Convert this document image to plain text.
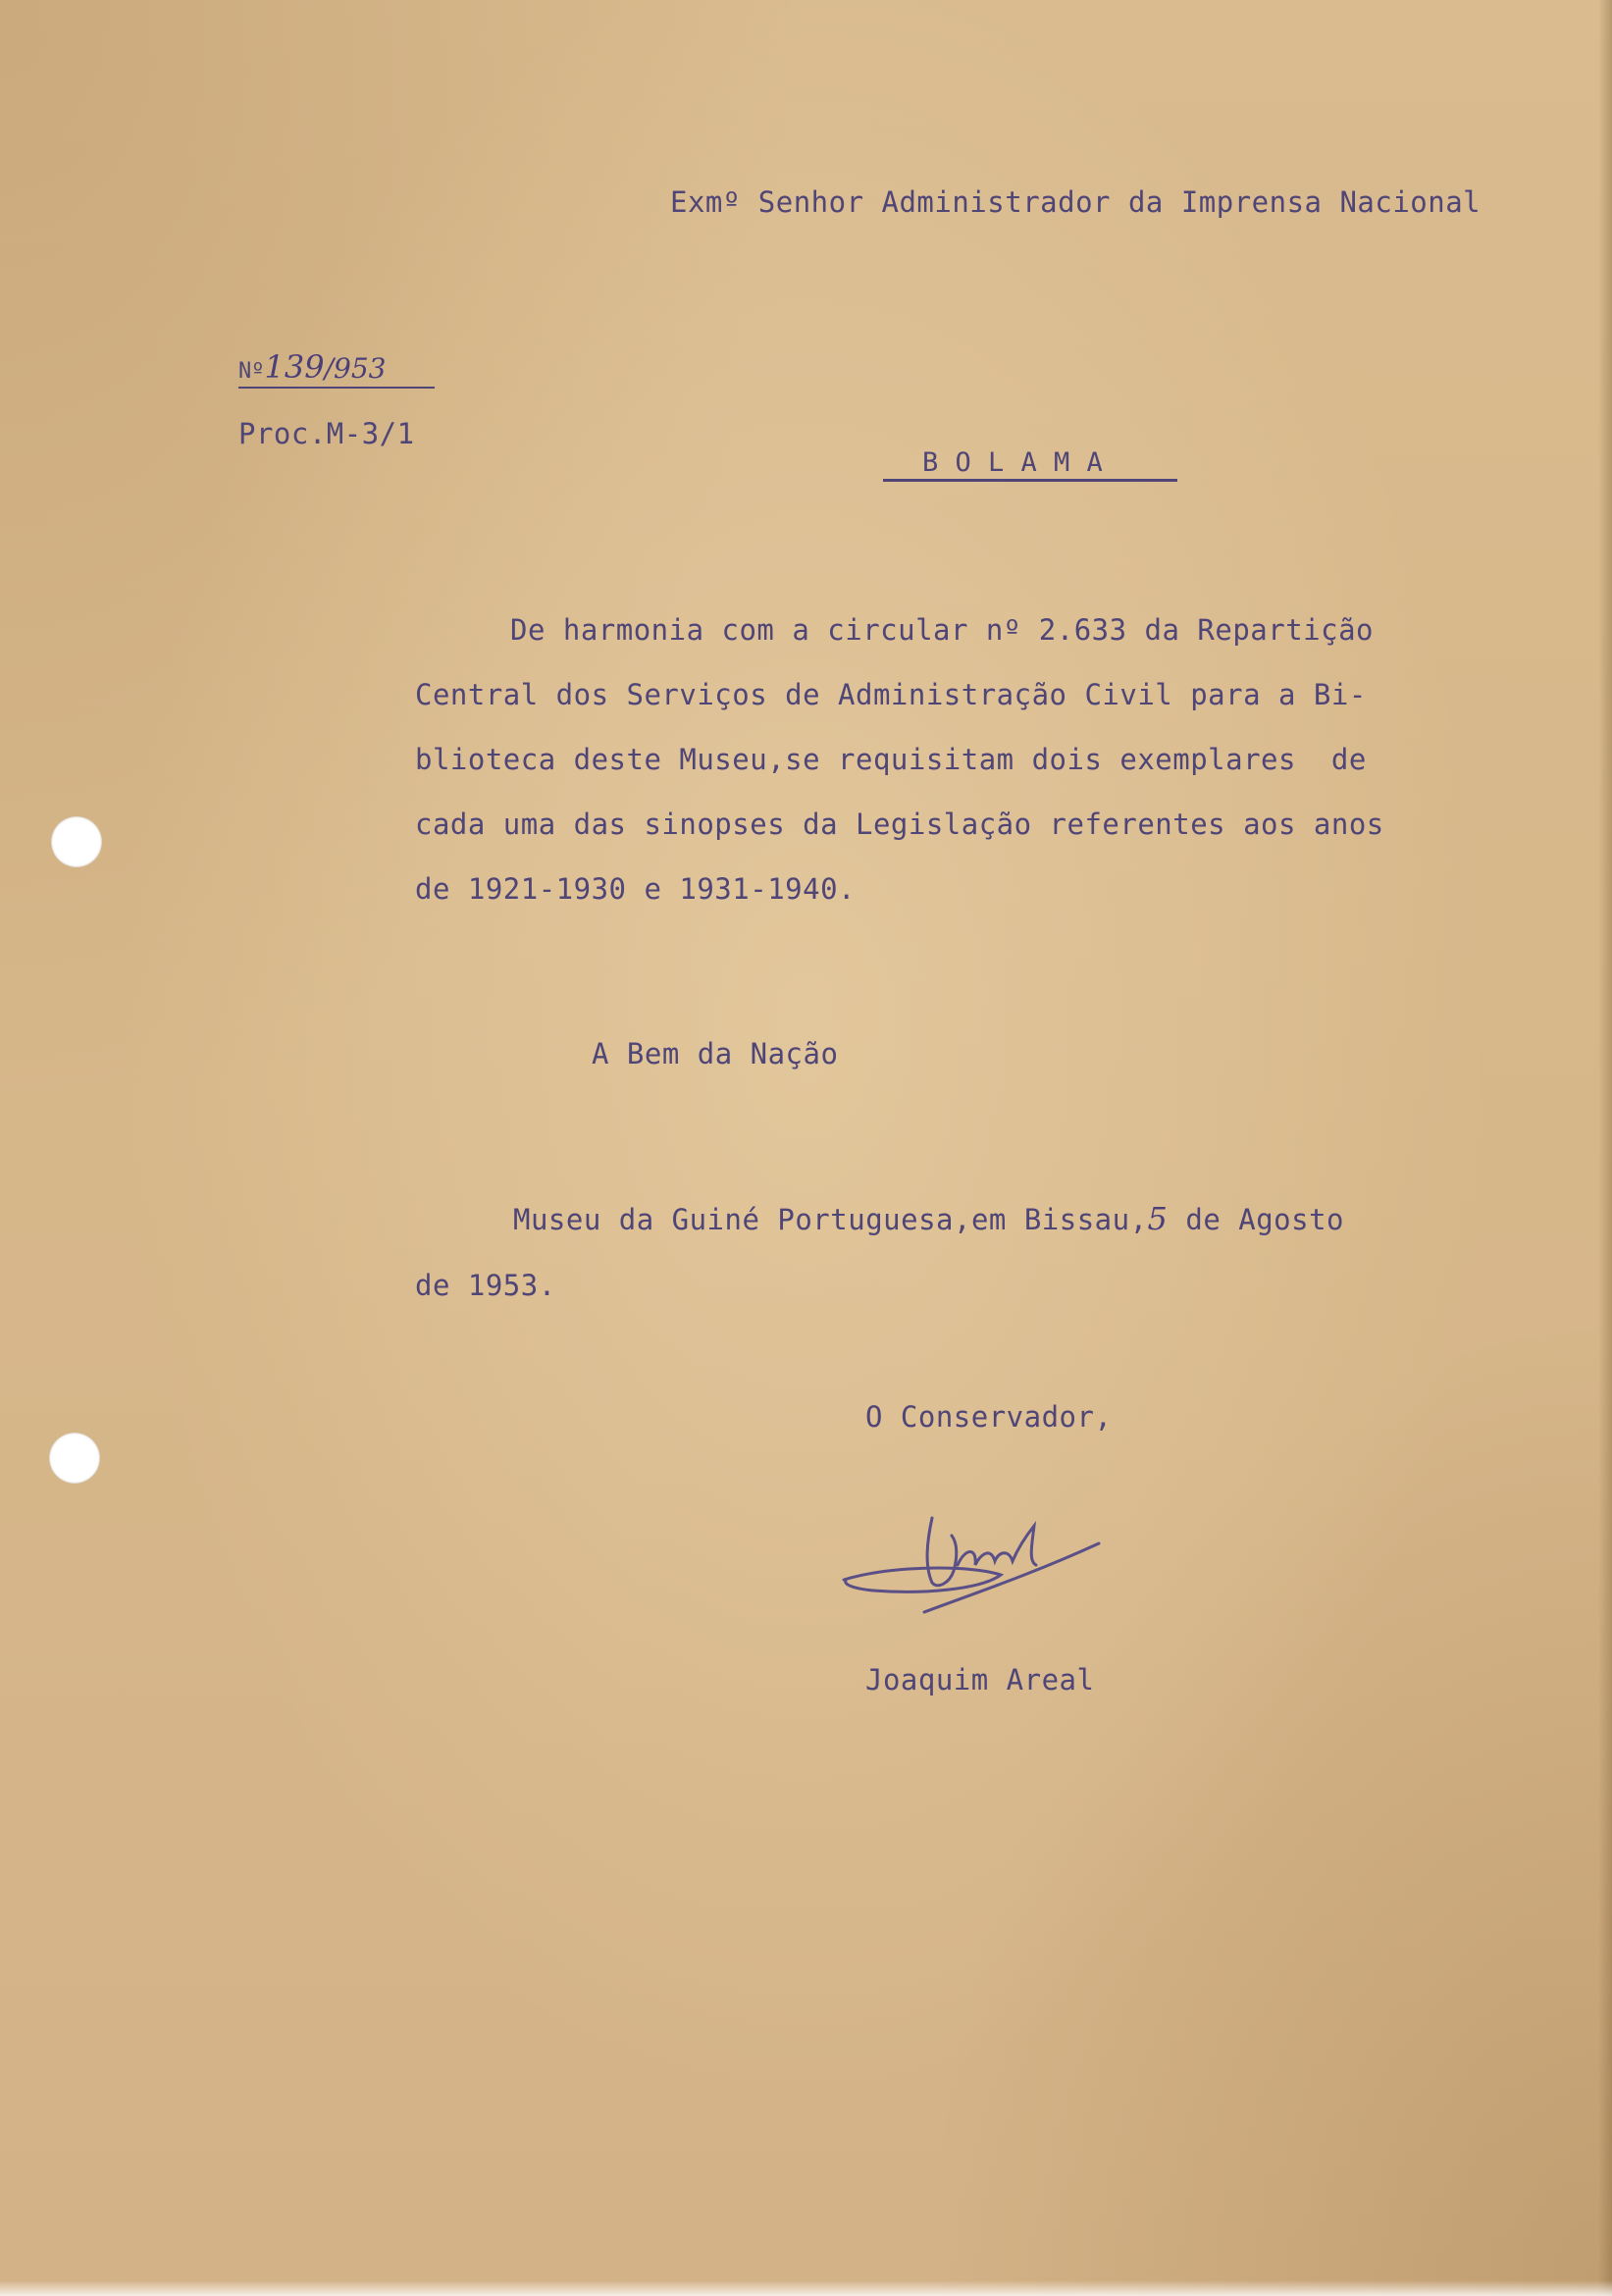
Exmº Senhor Administrador da Imprensa Nacional
Nº139/953
Proc.M-3/1
B O L A M A
De harmonia com a circular nº 2.633 da Repartição
Central dos Serviços de Administração Civil para a Bi-
blioteca deste Museu,se requisitam dois exemplares  de
cada uma das sinopses da Legislação referentes aos anos
de 1921-1930 e 1931-1940.
A Bem da Nação
Museu da Guiné Portuguesa,em Bissau,5 de Agosto
de 1953.
O Conservador,
Joaquim Areal
